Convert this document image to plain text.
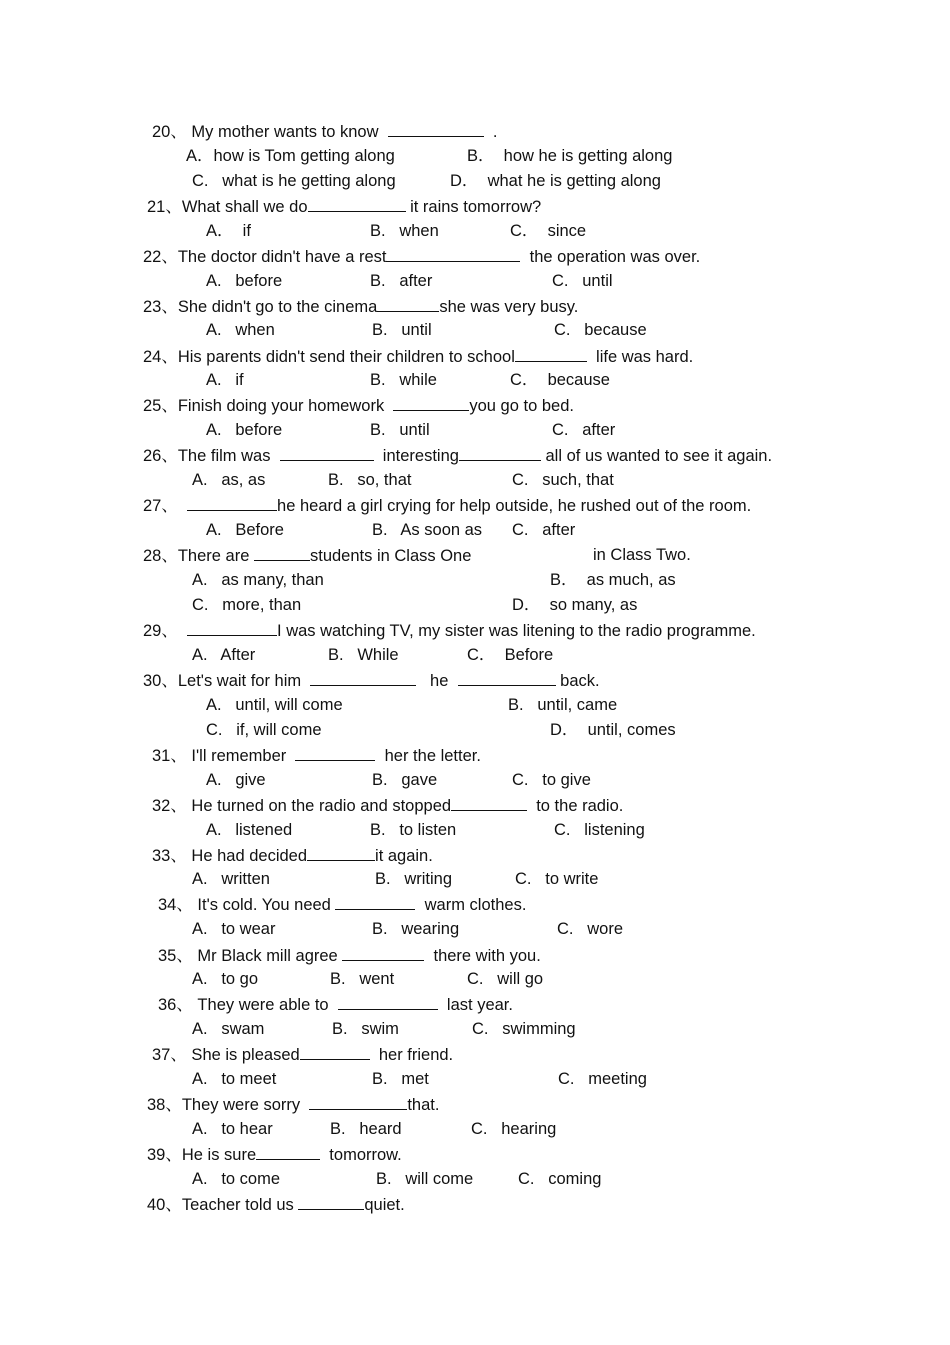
20、 My mother wants to know	.
A．how is Tom getting along	B．  how he is getting along
C.   what is he getting along	D．  what he is getting along
21、What shall we do	it rains tomorrow?
A．  if	B.   when	C．  since
22、The doctor didn't have a rest	the operation was over.
A.   before	B.   after	C.   until
23、She didn't go to the cinema	she was very busy.
A.   when	B.   until	C.   because
24、His parents didn't send their children to school	life was hard.
A.   if	B.   while	C．  because
25、Finish doing your homework	you go to bed.
A.   before	B.   until	C.   after
26、The film was	interesting	all of us wanted to see it again.
A.   as, as	B.   so, that	C.   such, that
27、	he heard a girl crying for help outside, he rushed out of the room.
A.   Before	B.   As soon as C.   after
28、There are	students in Class One	in Class Two.
A.   as many, than	B．  as much, as
C.   more, than	D．  so many, as
29、	I was watching TV, my sister was litening to the radio programme.
A.   After	B.   While	C．  Before
30、Let's wait for him	he	back.
A.   until, will come	B.   until, came
C.   if, will come	D．  until, comes
31、 I'll remember	her the letter.
A.   give	B.   gave	C.   to give
32、 He turned on the radio and stopped	to the radio.
A.   listened	B.   to listen	C.   listening
33、 He had decided	it again.
A.   written	B.   writing	C.   to write
34、 It's cold. You need	warm clothes.
A.   to wear	B.   wearing	C.   wore
35、 Mr Black mill agree	there with you.
A.   to go	B.   went	C.   will go
36、 They were able to	last year.
A.   swam	B.   swim	C.   swimming
37、 She is pleased	her friend.
A.   to meet	B.   met	C.   meeting
38、They were sorry	that.
A.   to hear	B.   heard	C.   hearing
39、He is sure	tomorrow.
A.   to come	B.   will come	C.   coming
40、Teacher told us	quiet.
